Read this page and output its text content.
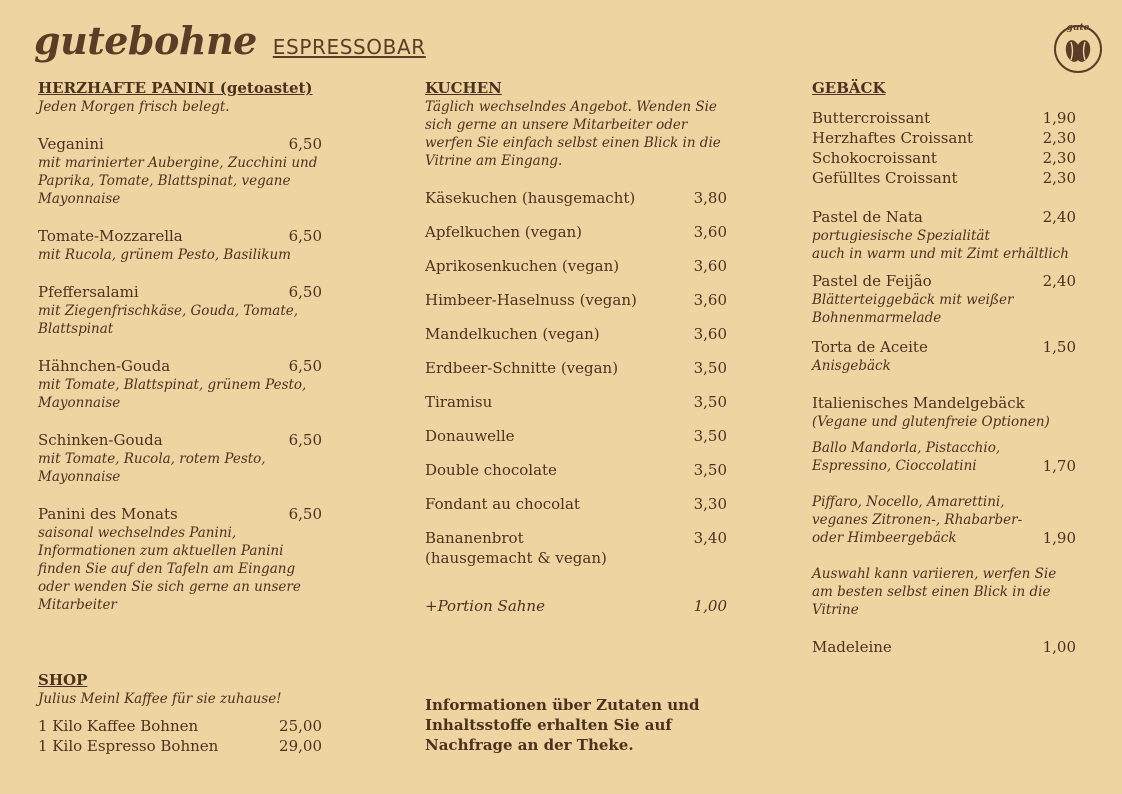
gutebohne ESPRESSOBAR
gute
HERZHAFTE PANINI (getoastet)
Jeden Morgen frisch belegt.
Veganini	6,50
mit marinierter Aubergine, Zucchini und Paprika, Tomate, Blattspinat, vegane Mayonnaise
Tomate-Mozzarella	6,50
mit Rucola, grünem Pesto, Basilikum
Pfeffersalami	6,50
mit Ziegenfrischkäse, Gouda, Tomate, Blattspinat
Hähnchen-Gouda	6,50
mit Tomate, Blattspinat, grünem Pesto, Mayonnaise
Schinken-Gouda	6,50
mit Tomate, Rucola, rotem Pesto, Mayonnaise
Panini des Monats	6,50
saisonal wechselndes Panini, Informationen zum aktuellen Panini finden Sie auf den Tafeln am Eingang oder wenden Sie sich gerne an unsere Mitarbeiter
KUCHEN
Täglich wechselndes Angebot. Wenden Sie sich gerne an unsere Mitarbeiter oder werfen Sie einfach selbst einen Blick in die Vitrine am Eingang.
Käsekuchen (hausgemacht)	3,80
Apfelkuchen (vegan)	3,60
Aprikosenkuchen (vegan)	3,60
Himbeer-Haselnuss (vegan)	3,60
Mandelkuchen (vegan)	3,60
Erdbeer-Schnitte (vegan)	3,50
Tiramisu	3,50
Donauwelle	3,50
Double chocolate	3,50
Fondant au chocolat	3,30
Bananenbrot	3,40
(hausgemacht & vegan)
+Portion Sahne	1,00
GEBÄCK
Buttercroissant	1,90
Herzhaftes Croissant	2,30
Schokocroissant	2,30
Gefülltes Croissant	2,30
Pastel de Nata	2,40
portugiesische Spezialität
auch in warm und mit Zimt erhältlich
Pastel de Feijão	2,40
Blätterteiggebäck mit weißer Bohnenmarmelade
Torta de Aceite	1,50
Anisgebäck
Italienisches Mandelgebäck
(Vegane und glutenfreie Optionen)
Ballo Mandorla, Pistacchio,
Espressino, Cioccolatini	1,70
Piffaro, Nocello, Amarettini,
veganes Zitronen-, Rhabarber-
oder Himbeergebäck	1,90
Auswahl kann variieren, werfen Sie am besten selbst einen Blick in die Vitrine
Madeleine	1,00
SHOP
Julius Meinl Kaffee für sie zuhause!
1 Kilo Kaffee Bohnen	25,00
1 Kilo Espresso Bohnen	29,00
Informationen über Zutaten und Inhaltsstoffe erhalten Sie auf Nachfrage an der Theke.
